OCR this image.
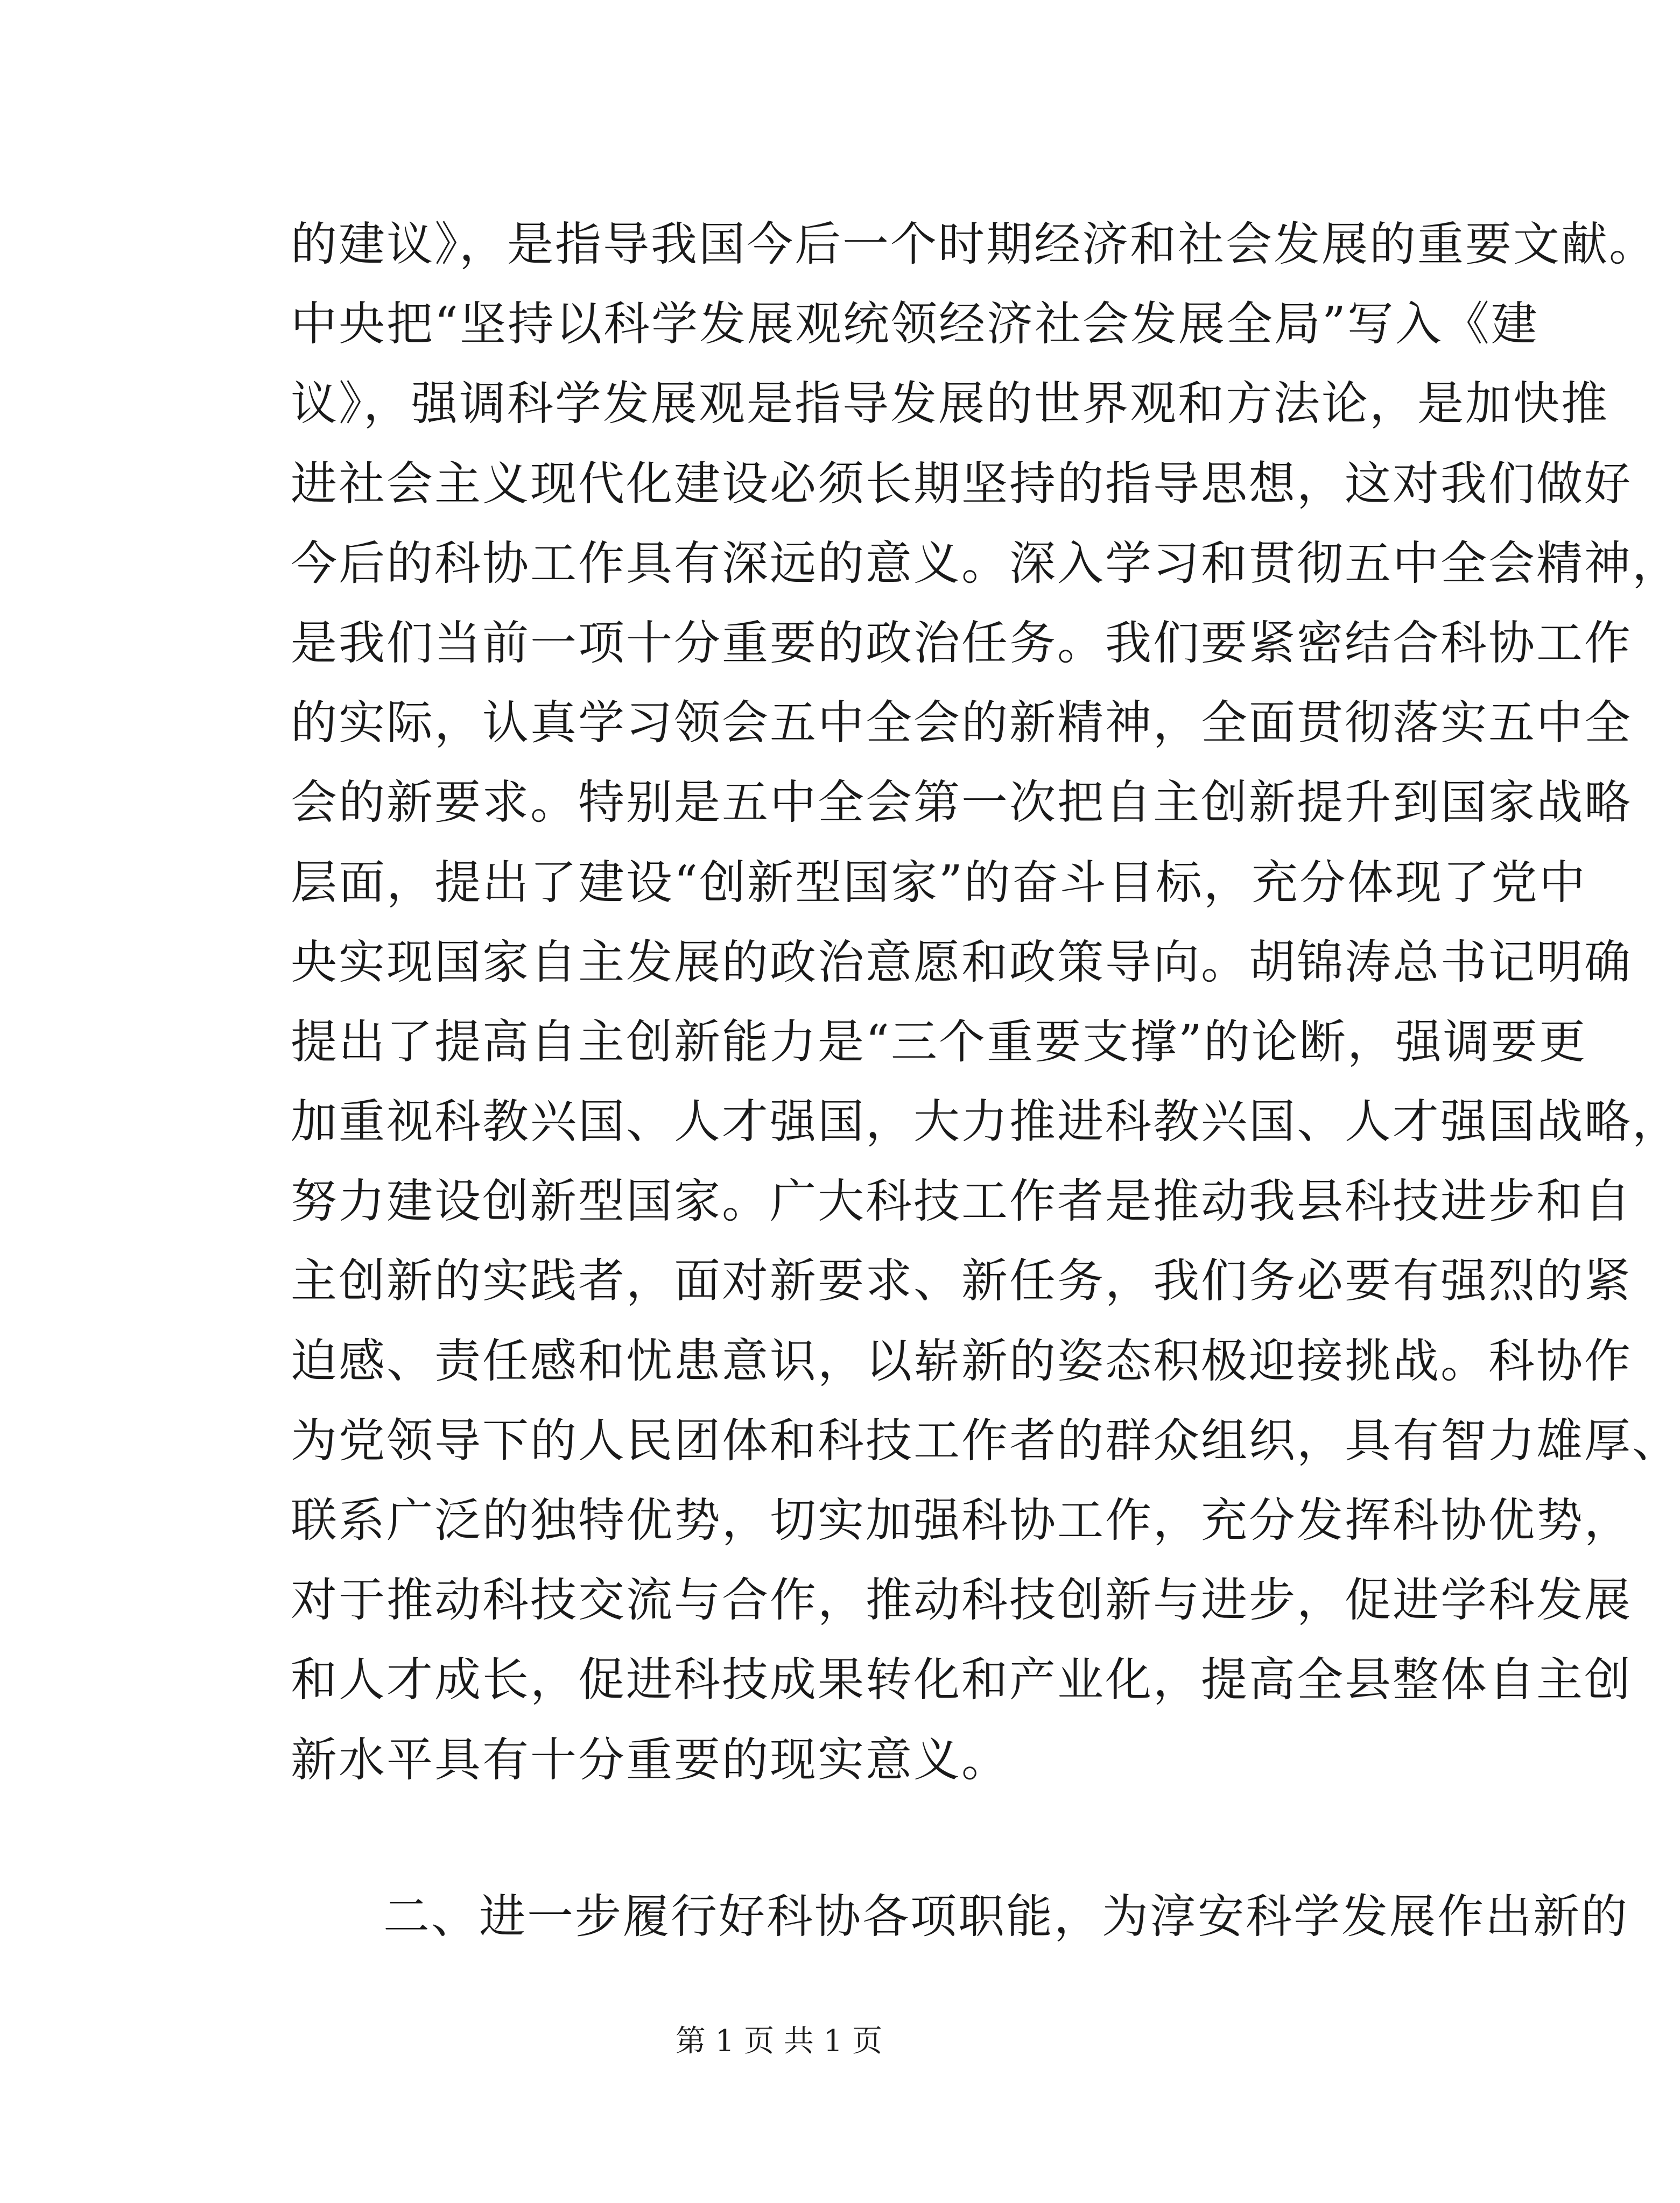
的建议》，是指导我国今后一个时期经济和社会发展的重要文献。
中央把“坚持以科学发展观统领经济社会发展全局”写入《建
议》，强调科学发展观是指导发展的世界观和方法论，是加快推
进社会主义现代化建设必须长期坚持的指导思想，这对我们做好
今后的科协工作具有深远的意义。深入学习和贯彻五中全会精神，
是我们当前一项十分重要的政治任务。我们要紧密结合科协工作
的实际，认真学习领会五中全会的新精神，全面贯彻落实五中全
会的新要求。特别是五中全会第一次把自主创新提升到国家战略
层面，提出了建设“创新型国家”的奋斗目标，充分体现了党中
央实现国家自主发展的政治意愿和政策导向。胡锦涛总书记明确
提出了提高自主创新能力是“三个重要支撑”的论断，强调要更
加重视科教兴国、人才强国，大力推进科教兴国、人才强国战略，
努力建设创新型国家。广大科技工作者是推动我县科技进步和自
主创新的实践者，面对新要求、新任务，我们务必要有强烈的紧
迫感、责任感和忧患意识，以崭新的姿态积极迎接挑战。科协作
为党领导下的人民团体和科技工作者的群众组织，具有智力雄厚、
联系广泛的独特优势，切实加强科协工作，充分发挥科协优势，
对于推动科技交流与合作，推动科技创新与进步，促进学科发展
和人才成长，促进科技成果转化和产业化，提高全县整体自主创
新水平具有十分重要的现实意义。
二、进一步履行好科协各项职能，为淳安科学发展作出新的
第 1 页 共 1 页
